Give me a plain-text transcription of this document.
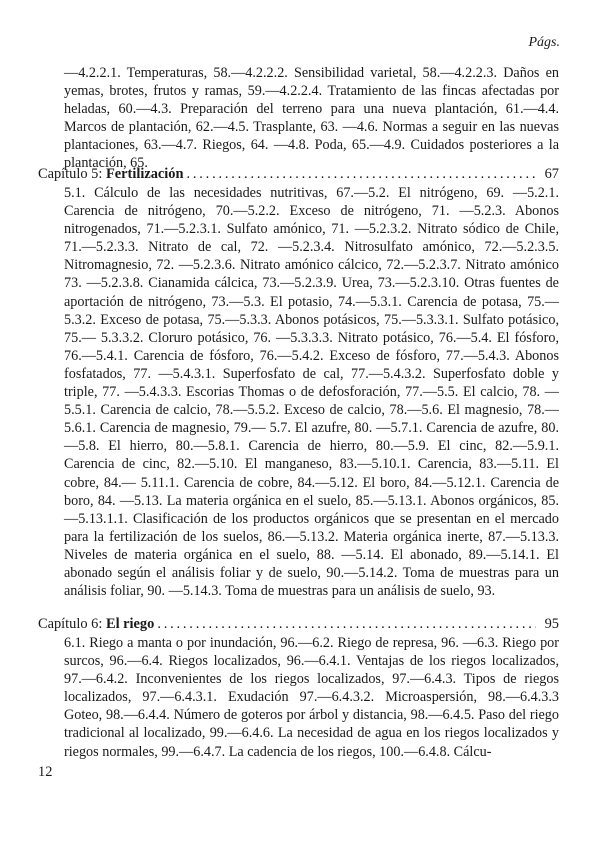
Págs.
—4.2.2.1. Temperaturas, 58.—4.2.2.2. Sensibilidad varietal, 58.—4.2.2.3. Daños en yemas, brotes, frutos y ramas, 59.—4.2.2.4. Tratamiento de las fincas afectadas por heladas, 60.—4.3. Preparación del terreno para una nueva plantación, 61.—4.4. Marcos de plantación, 62.—4.5. Trasplante, 63. —4.6. Normas a seguir en las nuevas plantaciones, 63.—4.7. Riegos, 64. —4.8. Poda, 65.—4.9. Cuidados posteriores a la plantación, 65.
Capítulo 5: Fertilización . . .	67
5.1. Cálculo de las necesidades nutritivas, 67.—5.2. El nitrógeno, 69. —5.2.1. Carencia de nitrógeno, 70.—5.2.2. Exceso de nitrógeno, 71. —5.2.3. Abonos nitrogenados, 71.—5.2.3.1. Sulfato amónico, 71. —5.2.3.2. Nitrato sódico de Chile, 71.—5.2.3.3. Nitrato de cal, 72. —5.2.3.4. Nitrosulfato amónico, 72.—5.2.3.5. Nitromagnesio, 72. —5.2.3.6. Nitrato amónico cálcico, 72.—5.2.3.7. Nitrato amónico 73. —5.2.3.8. Cianamida cálcica, 73.—5.2.3.9. Urea, 73.—5.2.3.10. Otras fuentes de aportación de nitrógeno, 73.—5.3. El potasio, 74.—5.3.1. Carencia de potasa, 75.—5.3.2. Exceso de potasa, 75.—5.3.3. Abonos potásicos, 75.—5.3.3.1. Sulfato potásico, 75.— 5.3.3.2. Cloruro potásico, 76. —5.3.3.3. Nitrato potásico, 76.—5.4. El fósforo, 76.—5.4.1. Carencia de fósforo, 76.—5.4.2. Exceso de fósforo, 77.—5.4.3. Abonos fosfatados, 77. —5.4.3.1. Superfosfato de cal, 77.—5.4.3.2. Superfosfato doble y triple, 77. —5.4.3.3. Escorias Thomas o de defosforación, 77.—5.5. El calcio, 78. —5.5.1. Carencia de calcio, 78.—5.5.2. Exceso de calcio, 78.—5.6. El magnesio, 78.—5.6.1. Carencia de magnesio, 79.— 5.7. El azufre, 80. —5.7.1. Carencia de azufre, 80.—5.8. El hierro, 80.—5.8.1. Carencia de hierro, 80.—5.9. El cinc, 82.—5.9.1. Carencia de cinc, 82.—5.10. El manganeso, 83.—5.10.1. Carencia, 83.—5.11. El cobre, 84.— 5.11.1. Carencia de cobre, 84.—5.12. El boro, 84.—5.12.1. Carencia de boro, 84. —5.13. La materia orgánica en el suelo, 85.—5.13.1. Abonos orgánicos, 85. —5.13.1.1. Clasificación de los productos orgánicos que se presentan en el mercado para la fertilización de los suelos, 86.—5.13.2. Materia orgánica inerte, 87.—5.13.3. Niveles de materia orgánica en el suelo, 88. —5.14. El abonado, 89.—5.14.1. El abonado según el análisis foliar y de suelo, 90.—5.14.2. Toma de muestras para un análisis foliar, 90. —5.14.3. Toma de muestras para un análisis de suelo, 93.
Capítulo 6: El riego . . .	95
6.1. Riego a manta o por inundación, 96.—6.2. Riego de represa, 96. —6.3. Riego por surcos, 96.—6.4. Riegos localizados, 96.—6.4.1. Ventajas de los riegos localizados, 97.—6.4.2. Inconvenientes de los riegos localizados, 97.—6.4.3. Tipos de riegos localizados, 97.—6.4.3.1. Exudación 97.—6.4.3.2. Microaspersión, 98.—6.4.3.3 Goteo, 98.—6.4.4. Número de goteros por árbol y distancia, 98.—6.4.5. Paso del riego tradicional al localizado, 99.—6.4.6. La necesidad de agua en los riegos localizados y riegos normales, 99.—6.4.7. La cadencia de los riegos, 100.—6.4.8. Cálcu-
12
